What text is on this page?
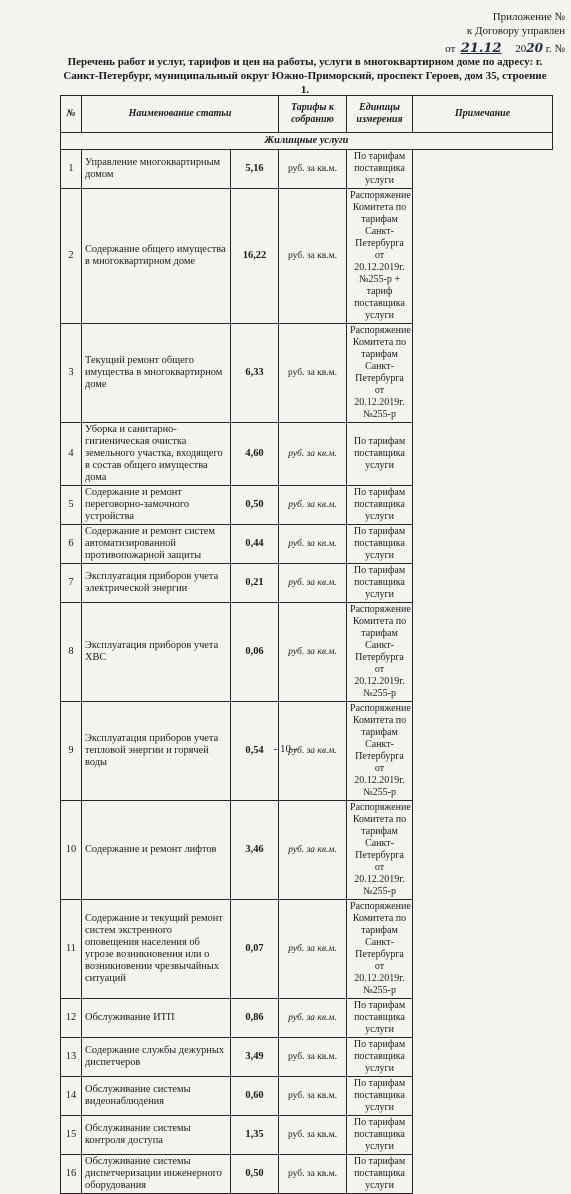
Приложение №
к Договору управлен
от 21.12 2020 г. №
Перечень работ и услуг, тарифов и цен на работы, услуги в многоквартирном доме по адресу: г. Санкт-Петербург, муниципальный округ Южно-Приморский, проспект Героев, дом 35, строение 1.
№	Наименование статьи		Тарифы к собранию	Единицы измерения	Примечание
Жилищные услуги					
1	Управление многоквартирным домом	5,16	руб. за кв.м.	По тарифам поставщика услуги	
2	Содержание общего имущества в многоквартирном доме	16,22	руб. за кв.м.	Распоряжение Комитета по тарифам Санкт-Петербурга от 20.12.2019г. №255-р + тариф поставщика услуги	
3	Текущий ремонт общего имущества в многоквартирном доме	6,33	руб. за кв.м.	Распоряжение Комитета по тарифам Санкт-Петербурга от 20.12.2019г. №255-р	
4	Уборка и санитарно-гигиеническая очистка земельного участка, входящего в состав общего имущества дома	4,60	руб. за кв.м.	По тарифам поставщика услуги	
5	Содержание и ремонт переговорно-замочного устройства	0,50	руб. за кв.м.	По тарифам поставщика услуги	
6	Содержание и ремонт систем автоматизированной противопожарной защиты	0,44	руб. за кв.м.	По тарифам поставщика услуги	
7	Эксплуатация приборов учета электрической энергии	0,21	руб. за кв.м.	По тарифам поставщика услуги	
8	Эксплуатация приборов учета ХВС	0,06	руб. за кв.м.	Распоряжение Комитета по тарифам Санкт-Петербурга от 20.12.2019г. №255-р	
9	Эксплуатация приборов учета тепловой энергии и горячей воды	0,54	руб. за кв.м.	Распоряжение Комитета по тарифам Санкт-Петербурга от 20.12.2019г. №255-р	
10	Содержание и ремонт лифтов	3,46	руб. за кв.м.	Распоряжение Комитета по тарифам Санкт-Петербурга от 20.12.2019г. №255-р	
11	Содержание и текущий ремонт систем экстренного оповещения населения об угрозе возникновения или о возникновении чрезвычайных ситуаций	0,07	руб. за кв.м.	Распоряжение Комитета по тарифам Санкт-Петербурга от 20.12.2019г. №255-р	
12	Обслуживание ИТП	0,86	руб. за кв.м.	По тарифам поставщика услуги	
13	Содержание службы дежурных диспетчеров	3,49	руб. за кв.м.	По тарифам поставщика услуги	
14	Обслуживание системы видеонаблюдения	0,60	руб. за кв.м.	По тарифам поставщика услуги	
15	Обслуживание системы контроля доступа	1,35	руб. за кв.м.	По тарифам поставщика услуги	
16	Обслуживание системы диспетчеризации инженерного оборудования	0,50	руб. за кв.м.	По тарифам поставщика услуги	
- 10 -
